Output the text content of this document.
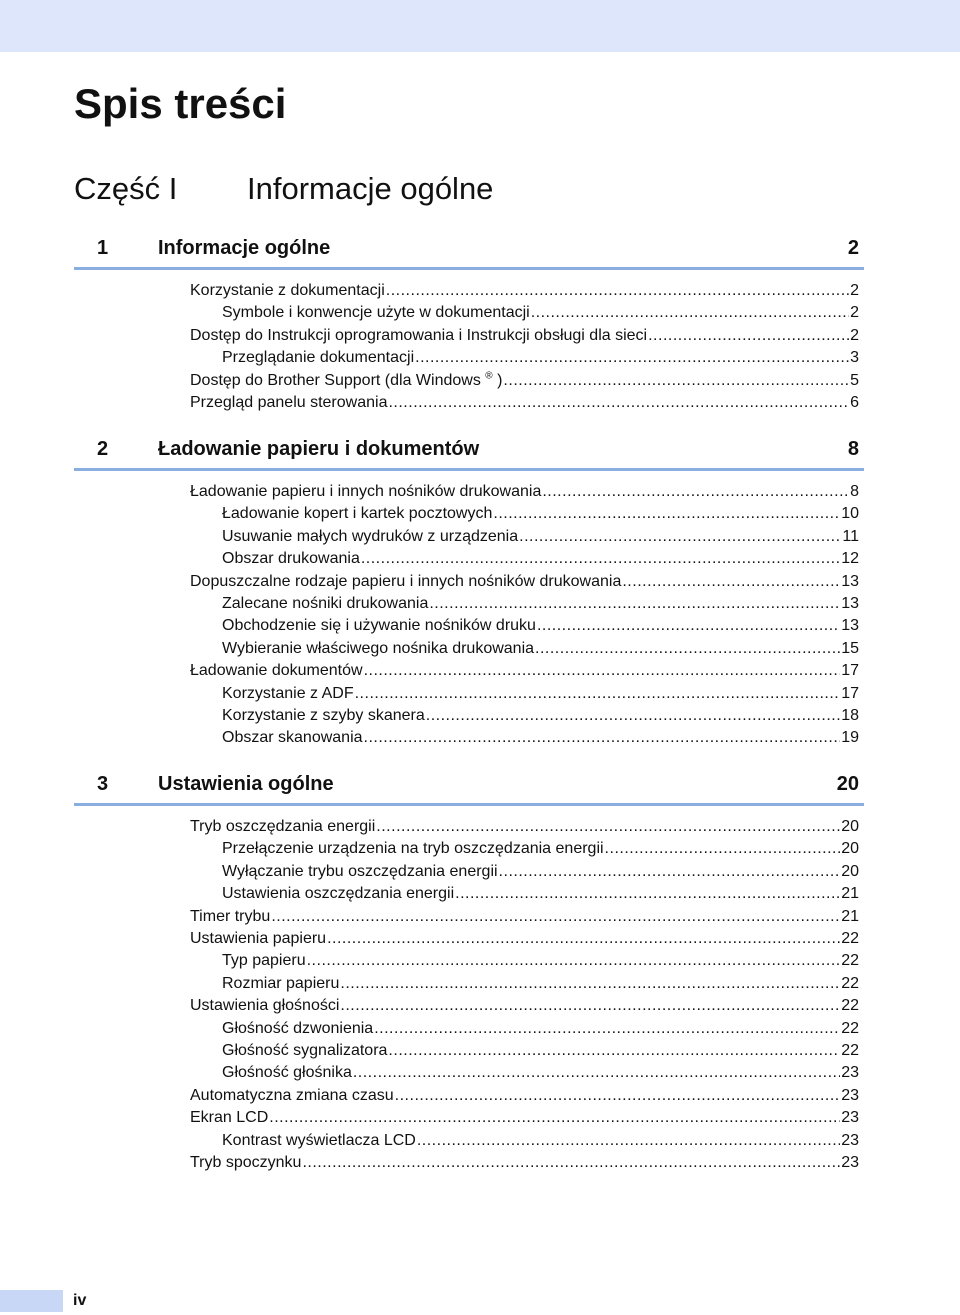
Spis treści
Część I Informacje ogólne
1 Informacje ogólne	2
Korzystanie z dokumentacji .....	2
Symbole i konwencje użyte w dokumentacji .....	2
Dostęp do Instrukcji oprogramowania i Instrukcji obsługi dla sieci .....	2
Przeglądanie dokumentacji .....	3
Dostęp do Brother Support (dla Windows ® ) .....	5
Przegląd panelu sterowania .....	6
2 Ładowanie papieru i dokumentów	8
Ładowanie papieru i innych nośników drukowania .....	8
Ładowanie kopert i kartek pocztowych .....	10
Usuwanie małych wydruków z urządzenia .....	11
Obszar drukowania .....	12
Dopuszczalne rodzaje papieru i innych nośników drukowania .....	13
Zalecane nośniki drukowania .....	13
Obchodzenie się i używanie nośników druku .....	13
Wybieranie właściwego nośnika drukowania .....	15
Ładowanie dokumentów .....	17
Korzystanie z ADF .....	17
Korzystanie z szyby skanera .....	18
Obszar skanowania .....	19
3 Ustawienia ogólne	20
Tryb oszczędzania energii .....	20
Przełączenie urządzenia na tryb oszczędzania energii .....	20
Wyłączanie trybu oszczędzania energii .....	20
Ustawienia oszczędzania energii .....	21
Timer trybu .....	21
Ustawienia papieru .....	22
Typ papieru .....	22
Rozmiar papieru .....	22
Ustawienia głośności .....	22
Głośność dzwonienia .....	22
Głośność sygnalizatora .....	22
Głośność głośnika .....	23
Automatyczna zmiana czasu .....	23
Ekran LCD .....	23
Kontrast wyświetlacza LCD .....	23
Tryb spoczynku .....	23
iv
